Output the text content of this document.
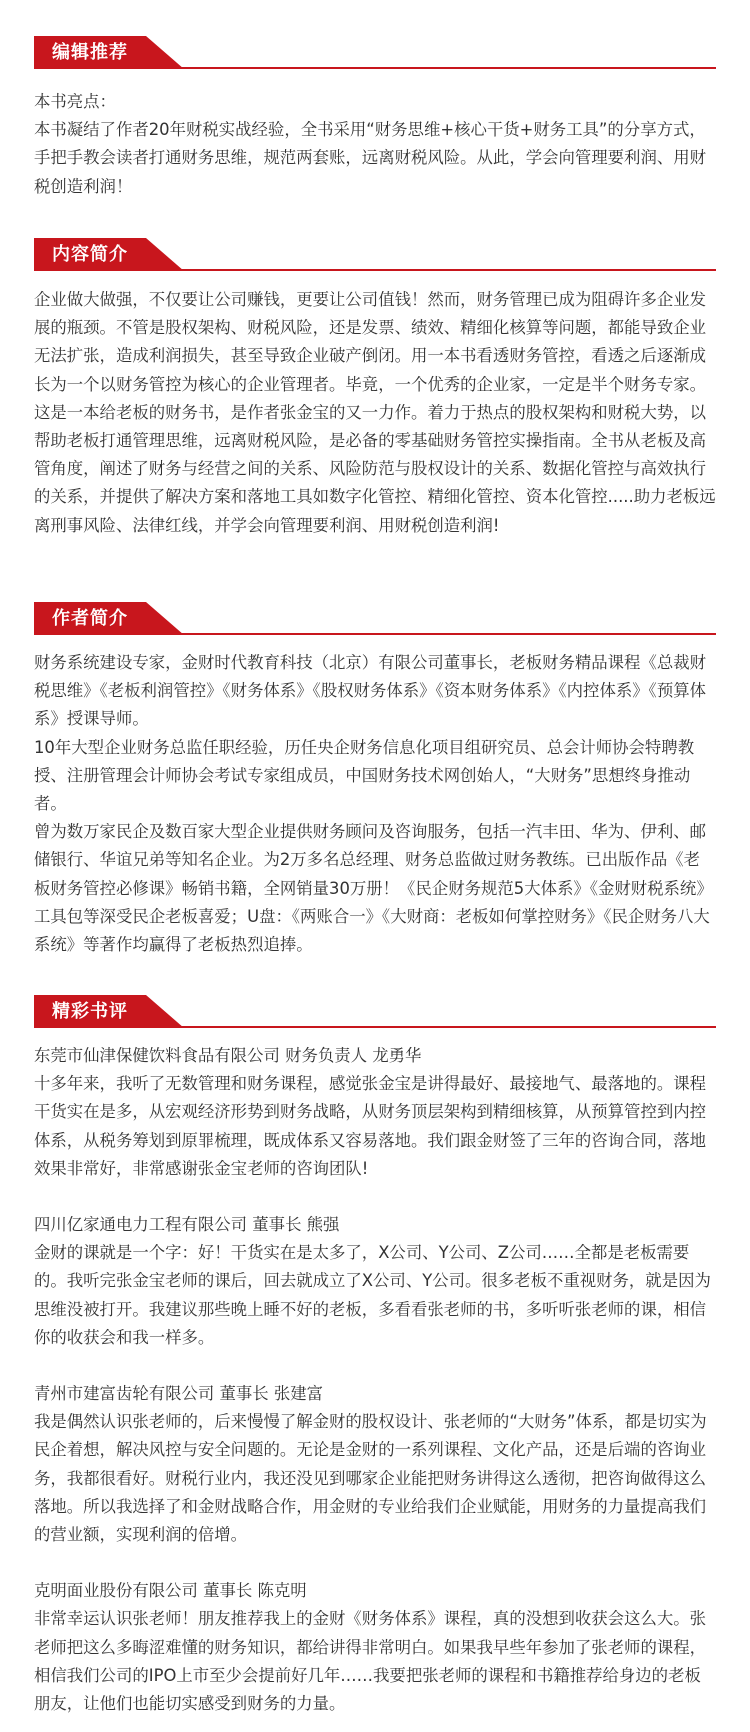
编辑推荐

本书亮点：

本书凝结了作者20年财税实战经验，全书采用“财务思维+核心干货+财务工具”的分享方式，手把手教会读者打通财务思维，规范两套账，远离财税风险。从此，学会向管理要利润、用财税创造利润！

内容简介

企业做大做强，不仅要让公司赚钱，更要让公司值钱！然而，财务管理已成为阻碍许多企业发展的瓶颈。不管是股权架构、财税风险，还是发票、绩效、精细化核算等问题，都能导致企业无法扩张，造成利润损失，甚至导致企业破产倒闭。用一本书看透财务管控，看透之后逐渐成长为一个以财务管控为核心的企业管理者。毕竟，一个优秀的企业家，一定是半个财务专家。这是一本给老板的财务书，是作者张金宝的又一力作。着力于热点的股权架构和财税大势，以帮助老板打通管理思维，远离财税风险，是必备的零基础财务管控实操指南。全书从老板及高管角度，阐述了财务与经营之间的关系、风险防范与股权设计的关系、数据化管控与高效执行的关系，并提供了解决方案和落地工具如数字化管控、精细化管控、资本化管控.....助力老板远离刑事风险、法律红线，并学会向管理要利润、用财税创造利润!

作者简介

财务系统建设专家，金财时代教育科技（北京）有限公司董事长，老板财务精品课程《总裁财税思维》《老板利润管控》《财务体系》《股权财务体系》《资本财务体系》《内控体系》《预算体系》授课导师。

10年大型企业财务总监任职经验，历任央企财务信息化项目组研究员、总会计师协会特聘教授、注册管理会计师协会考试专家组成员，中国财务技术网创始人，“大财务”思想终身推动者。

曾为数万家民企及数百家大型企业提供财务顾问及咨询服务，包括一汽丰田、华为、伊利、邮储银行、华谊兄弟等知名企业。为2万多名总经理、财务总监做过财务教练。已出版作品《老板财务管控必修课》畅销书籍，全网销量30万册！《民企财务规范5大体系》《金财财税系统》工具包等深受民企老板喜爱；U盘：《两账合一》《大财商：老板如何掌控财务》《民企财务八大系统》等著作均赢得了老板热烈追捧。

精彩书评

东莞市仙津保健饮料食品有限公司 财务负责人 龙勇华

十多年来，我听了无数管理和财务课程，感觉张金宝是讲得最好、最接地气、最落地的。课程干货实在是多，从宏观经济形势到财务战略，从财务顶层架构到精细核算，从预算管控到内控体系，从税务筹划到原罪梳理，既成体系又容易落地。我们跟金财签了三年的咨询合同，落地效果非常好，非常感谢张金宝老师的咨询团队!

四川亿家通电力工程有限公司 董事长 熊强

金财的课就是一个字：好！干货实在是太多了，X公司、Y公司、Z公司……全都是老板需要的。我听完张金宝老师的课后，回去就成立了X公司、Y公司。很多老板不重视财务，就是因为思维没被打开。我建议那些晚上睡不好的老板，多看看张老师的书，多听听张老师的课，相信你的收获会和我一样多。

青州市建富齿轮有限公司 董事长 张建富

我是偶然认识张老师的，后来慢慢了解金财的股权设计、张老师的“大财务”体系，都是切实为民企着想，解决风控与安全问题的。无论是金财的一系列课程、文化产品，还是后端的咨询业务，我都很看好。财税行业内，我还没见到哪家企业能把财务讲得这么透彻，把咨询做得这么落地。所以我选择了和金财战略合作，用金财的专业给我们企业赋能，用财务的力量提高我们的营业额，实现利润的倍增。

克明面业股份有限公司 董事长 陈克明

非常幸运认识张老师！朋友推荐我上的金财《财务体系》课程，真的没想到收获会这么大。张老师把这么多晦涩难懂的财务知识，都给讲得非常明白。如果我早些年参加了张老师的课程，相信我们公司的IPO上市至少会提前好几年……我要把张老师的课程和书籍推荐给身边的老板朋友，让他们也能切实感受到财务的力量。
